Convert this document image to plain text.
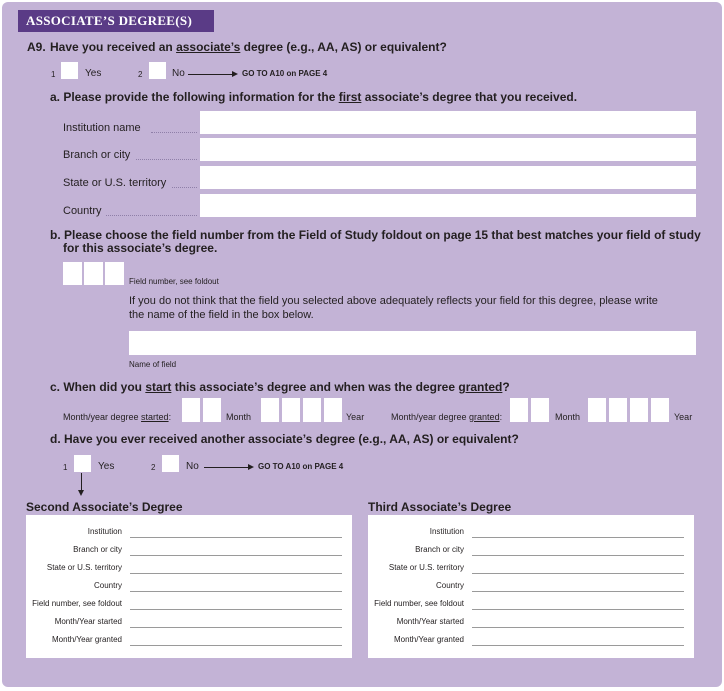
ASSOCIATE’S DEGREE(S)
A9. Have you received an associate’s degree (e.g., AA, AS) or equivalent?
1	Yes	2	No	GO TO A10 on PAGE 4
a. Please provide the following information for the first associate’s degree that you received.
Institution name
Branch or city
State or U.S. territory
Country
b. Please choose the field number from the Field of Study foldout on page 15 that best matches your field of study
for this associate’s degree.
Field number, see foldout
If you do not think that the field you selected above adequately reflects your field for this degree, please write
the name of the field in the box below.
Name of field
c. When did you start this associate’s degree and when was the degree granted?
Month/year degree started:	Month	Year	Month/year degree granted:	Month	Year
d. Have you ever received another associate’s degree (e.g., AA, AS) or equivalent?
1	Yes	2	No	GO TO A10 on PAGE 4
Second Associate’s Degree
Institution
Branch or city
State or U.S. territory
Country
Field number, see foldout
Month/Year started
Month/Year granted
Third Associate’s Degree
Institution
Branch or city
State or U.S. territory
Country
Field number, see foldout
Month/Year started
Month/Year granted
